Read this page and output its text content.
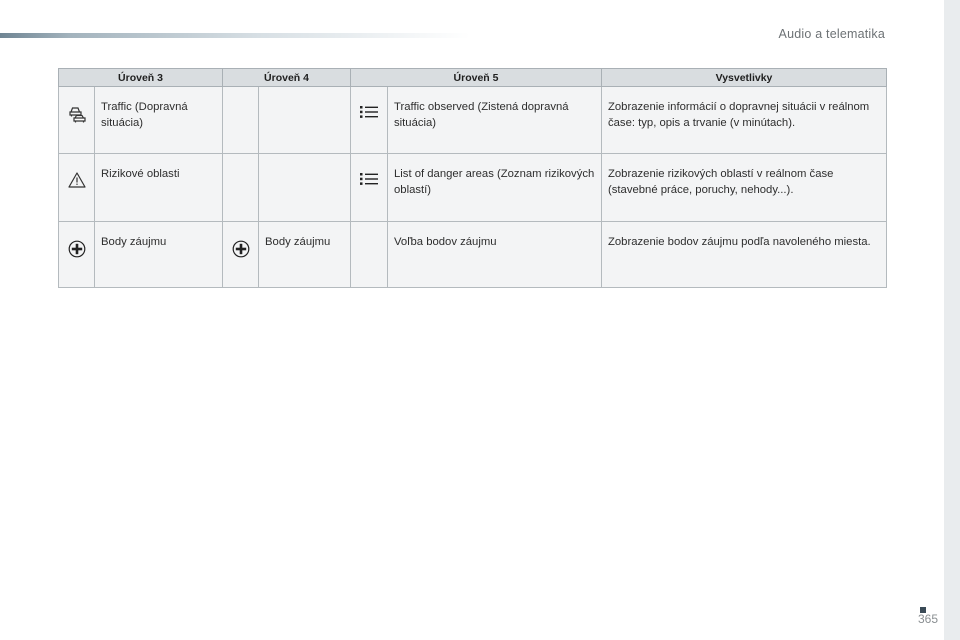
Audio a telematika
Úroveň 3		Úroveň 4		Úroveň 5		Vysvetlivky

	Traffic (Dopravná situácia)				Traffic observed (Zistená dopravná situácia)	Zobrazenie informácií o dopravnej situácii v reálnom čase: typ, opis a trvanie (v minútach).

	Rizikové oblasti				List of danger areas (Zoznam rizikových oblastí)	Zobrazenie rizikových oblastí v reálnom čase (stavebné práce, poruchy, nehody...).

	Body záujmu		Body záujmu		Voľba bodov záujmu	Zobrazenie bodov záujmu podľa navoleného miesta.
365
